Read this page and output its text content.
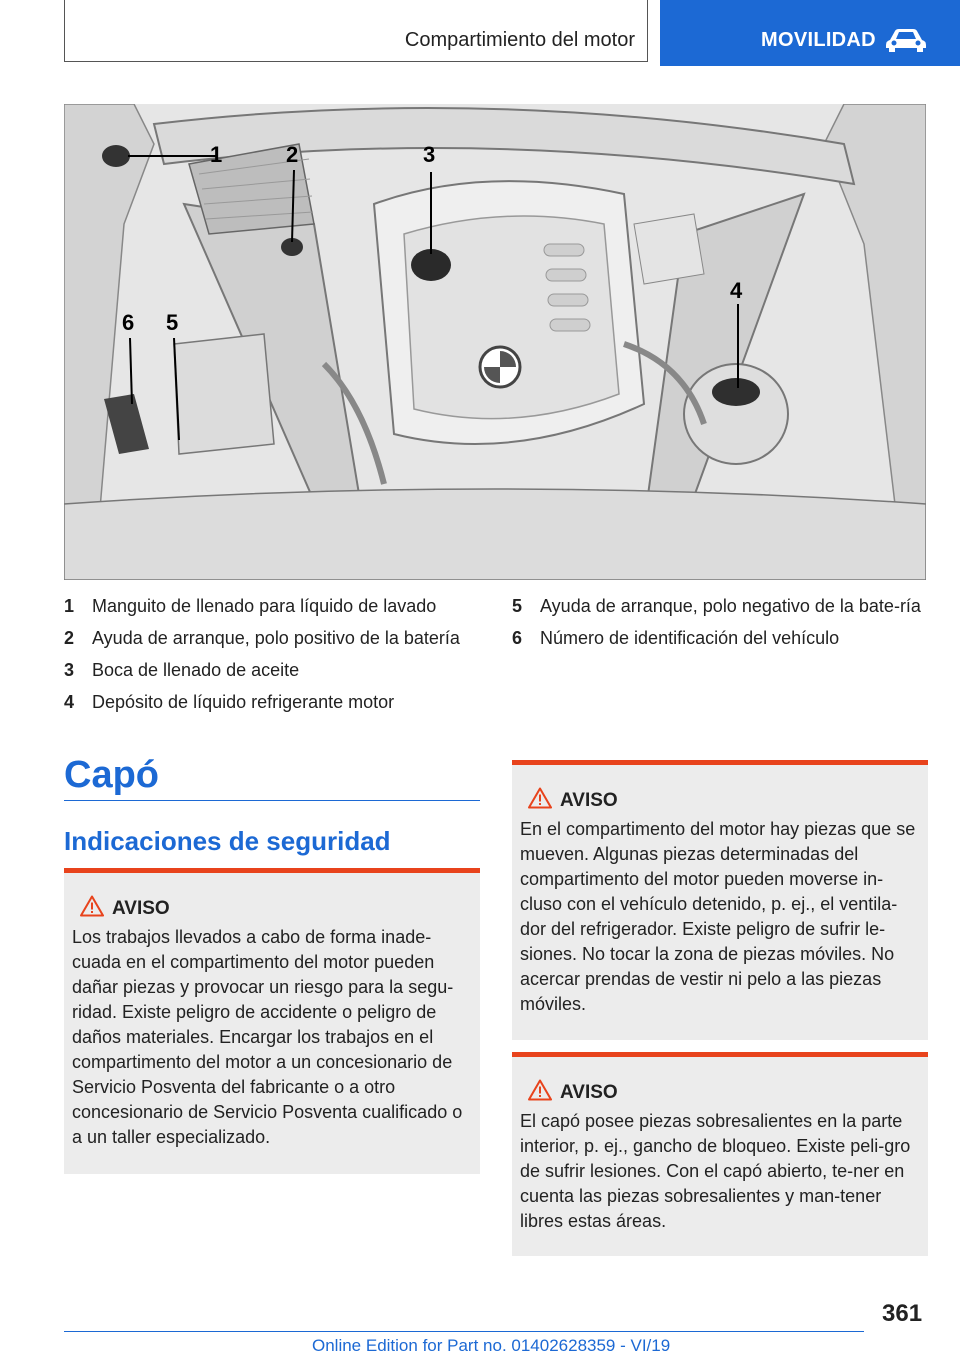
Compartimiento del motor	MOVILIDAD
1	2	3
4
5
6
1 Manguito de llenado para líquido de lavado
2 Ayuda de arranque, polo positivo de la batería
3 Boca de llenado de aceite
4 Depósito de líquido refrigerante motor
5 Ayuda de arranque, polo negativo de la bate‐ría
6 Número de identificación del vehículo
Capó
Indicaciones de seguridad
AVISO
Los trabajos llevados a cabo de forma inade‐cuada en el compartimento del motor pueden dañar piezas y provocar un riesgo para la segu‐ridad. Existe peligro de accidente o peligro de daños materiales. Encargar los trabajos en el compartimento del motor a un concesionario de Servicio Posventa del fabricante o a otro concesionario de Servicio Posventa cualificado o a un taller especializado.
AVISO
En el compartimento del motor hay piezas que se mueven. Algunas piezas determinadas del compartimento del motor pueden moverse in‐cluso con el vehículo detenido, p. ej., el ventila‐dor del refrigerador. Existe peligro de sufrir le‐siones. No tocar la zona de piezas móviles. No acercar prendas de vestir ni pelo a las piezas móviles.
AVISO
El capó posee piezas sobresalientes en la parte interior, p. ej., gancho de bloqueo. Existe peli‐gro de sufrir lesiones. Con el capó abierto, te‐ner en cuenta las piezas sobresalientes y man‐tener libres estas áreas.
361
Online Edition for Part no. 01402628359 - VI/19
